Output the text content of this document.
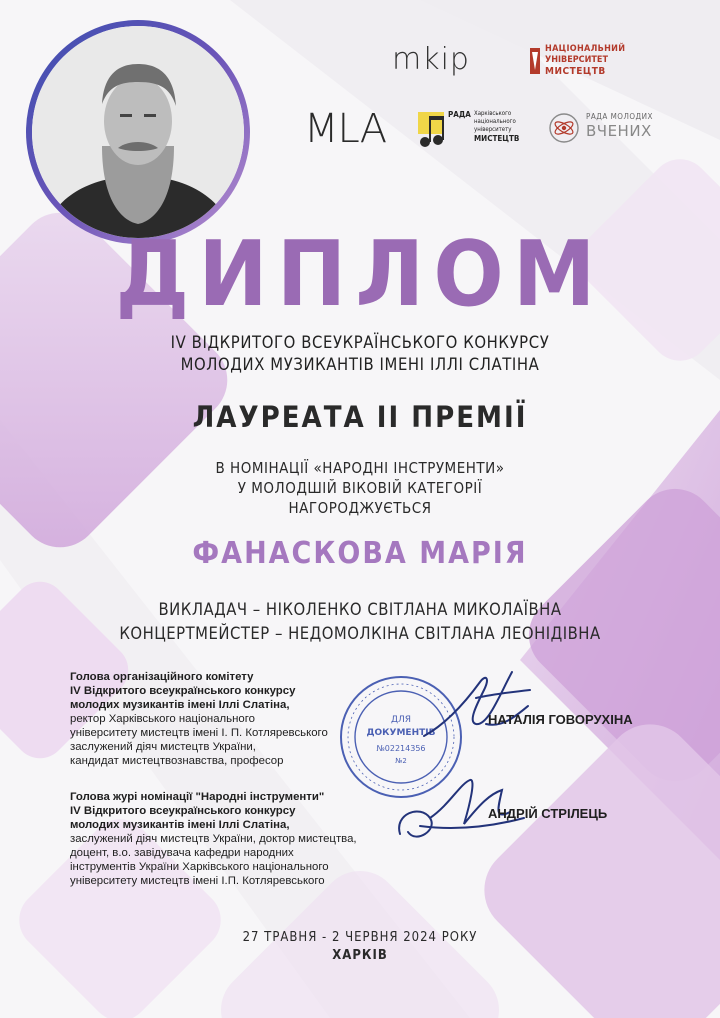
mkip	НАЦІОНАЛЬНИЙ
УНІВЕРСИТЕТ
МИСТЕЦТВ
MLA	РАДА Харківського
національного
університету
МИСТЕЦТВ
РАДА МОЛОДИХ
ВЧЕНИХ
ДИПЛОМ
IV ВІДКРИТОГО ВСЕУКРАЇНСЬКОГО КОНКУРСУ
МОЛОДИХ МУЗИКАНТІВ ІМЕНІ ІЛЛІ СЛАТІНА
ЛАУРЕАТА ІІ ПРЕМІЇ
В НОМІНАЦІЇ «НАРОДНІ ІНСТРУМЕНТИ»
У МОЛОДШІЙ ВІКОВІЙ КАТЕГОРІЇ
НАГОРОДЖУЄТЬСЯ
ФАНАСКОВА МАРІЯ
ВИКЛАДАЧ – НІКОЛЕНКО СВІТЛАНА МИКОЛАЇВНА
КОНЦЕРТМЕЙСТЕР – НЕДОМОЛКІНА СВІТЛАНА ЛЕОНІДІВНА
ДЛЯ
ДОКУМЕНТІВ
№02214356
№2
Голова організаційного комітету
IV Відкритого всеукраїнського конкурсу
молодих музикантів імені Іллі Слатіна,
ректор Харківського національного
університету мистецтв імені І. П. Котляревського
заслужений діяч мистецтв України,
кандидат мистецтвознавства, професор
НАТАЛІЯ ГОВОРУХІНА
Голова журі номінації "Народні інструменти"
IV Відкритого всеукраїнського конкурсу
молодих музикантів імені Іллі Слатіна,
заслужений діяч мистецтв України, доктор мистецтва,
доцент, в.о. завідувача кафедри народних
інструментів України Харківського національного
університету мистецтв імені І.П. Котляревського
АНДРІЙ СТРІЛЕЦЬ
27 ТРАВНЯ - 2 ЧЕРВНЯ 2024 РОКУ
ХАРКІВ
